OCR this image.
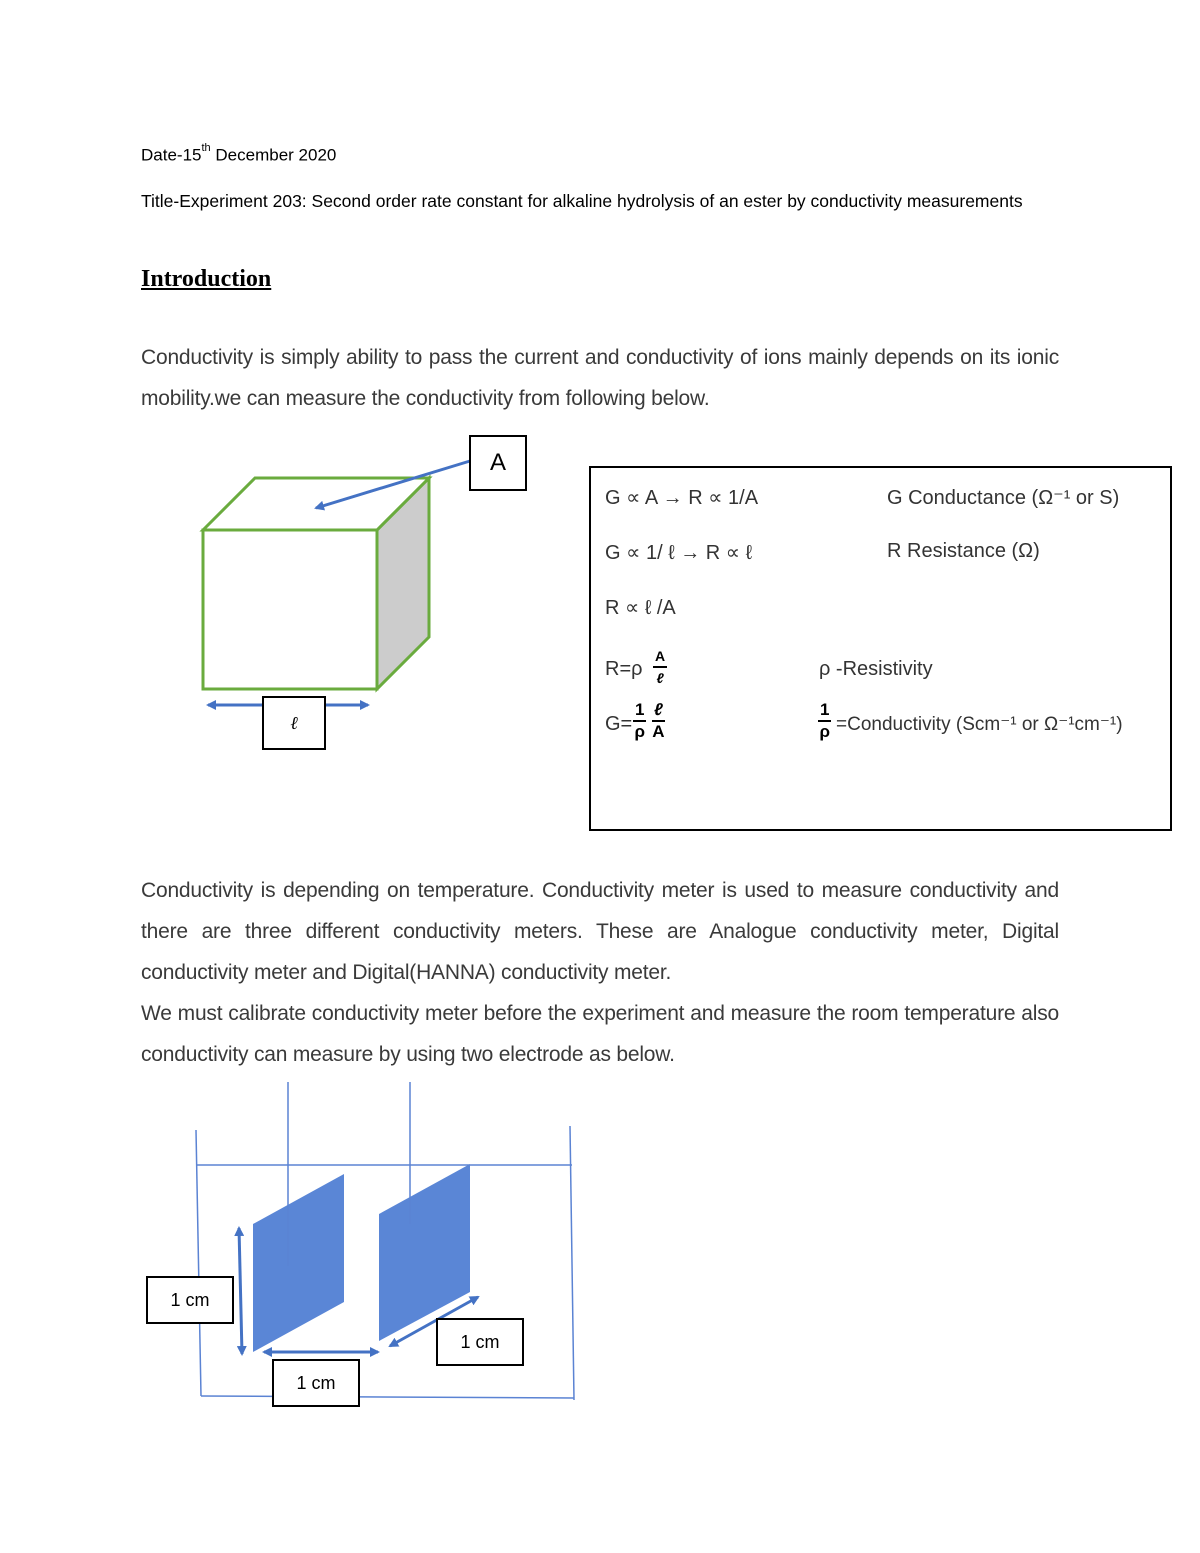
Date-15th December 2020
Title-Experiment 203: Second order rate constant for alkaline hydrolysis of an ester by conductivity measurements
Introduction
Conductivity is simply ability to pass the current and conductivity of ions mainly depends on its ionic mobility.we can measure the conductivity from following below.
A
ℓ
G ∝ A → R ∝ 1/A	G Conductance (Ω⁻¹ or S)
G ∝ 1/ ℓ → R ∝ ℓ	R Resistance (Ω)
R ∝ ℓ /A
R=ρ
A
ℓ	ρ -Resistivity
$G= \frac{1}{\rho}$ ℓ
A	$\frac{1}{\rho}$ =Conductivity (Scm⁻¹ or Ω⁻¹cm⁻¹)
Conductivity is depending on temperature. Conductivity meter is used to measure conductivity and there are three different conductivity meters. These are Analogue conductivity meter, Digital conductivity meter and Digital(HANNA) conductivity meter.
We must calibrate conductivity meter before the experiment and measure the room temperature also conductivity can measure by using two electrode as below.
1 cm
1 cm
1 cm
